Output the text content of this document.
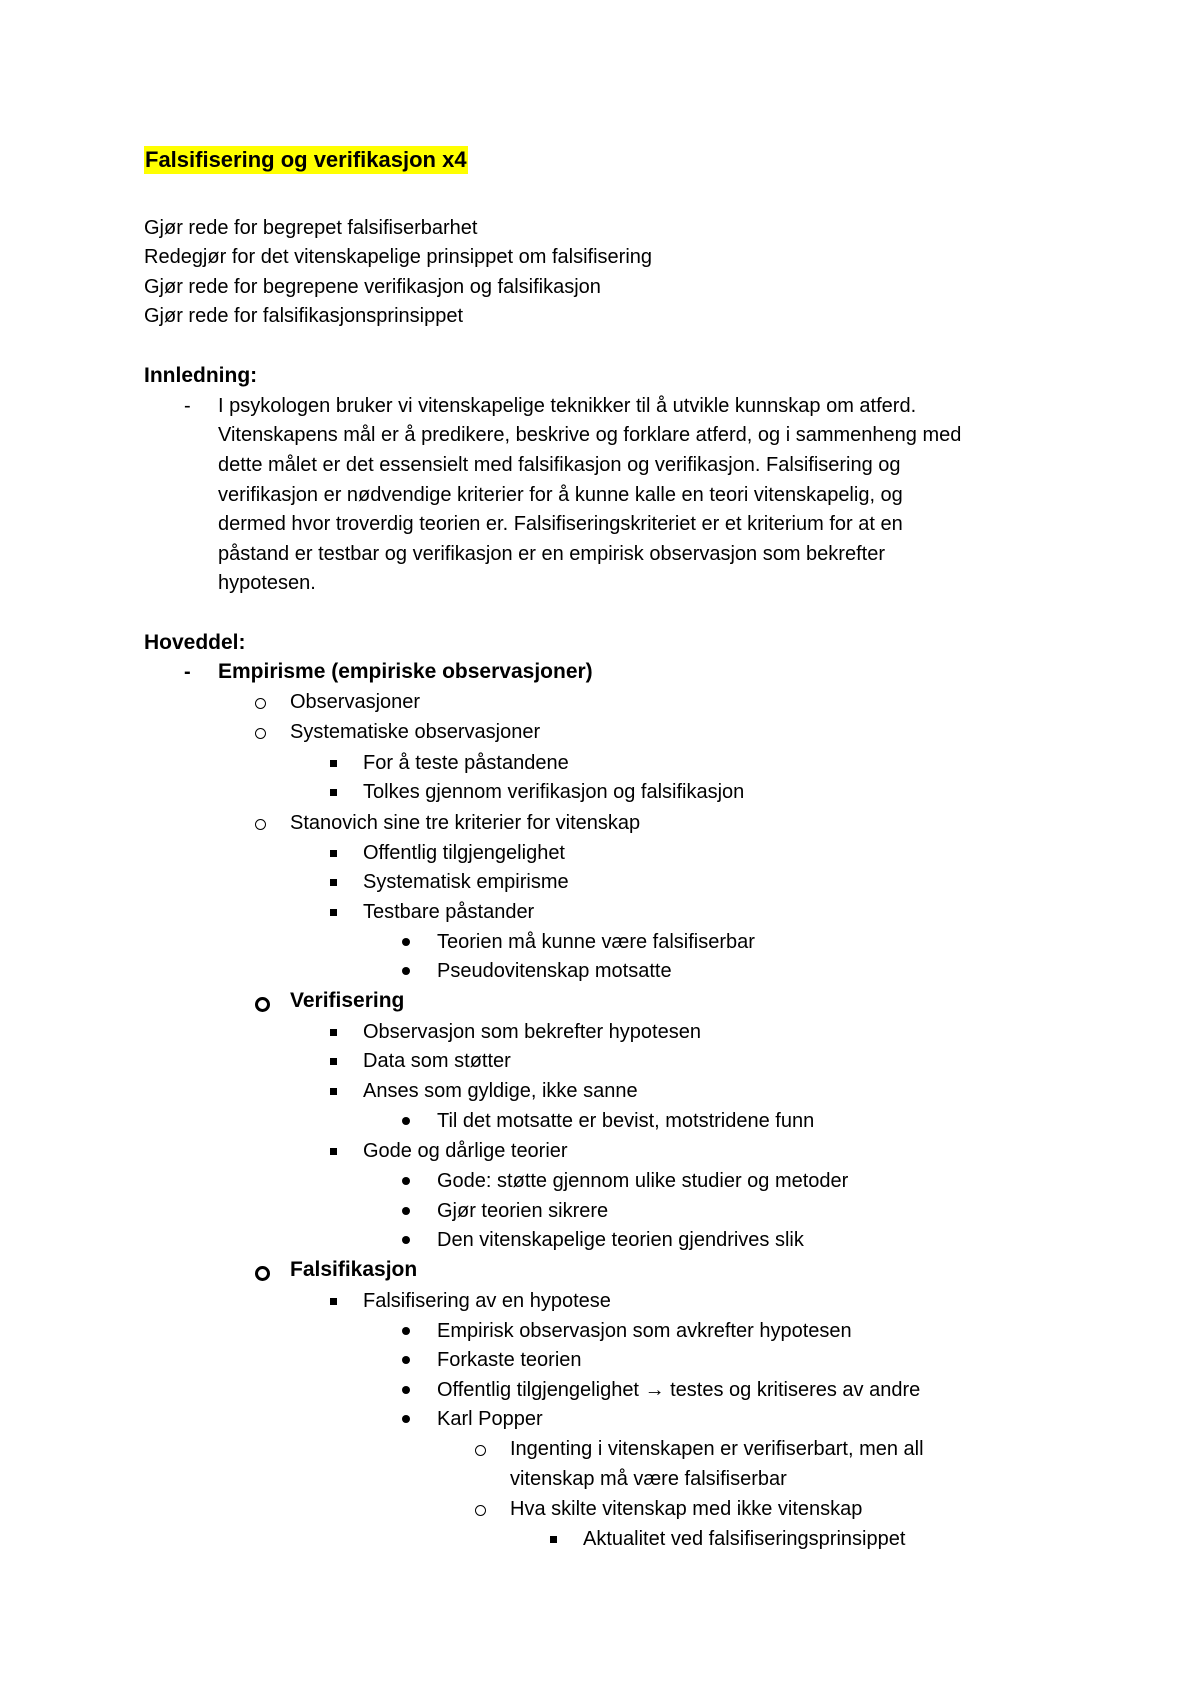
Falsifisering og verifikasjon x4
Gjør rede for begrepet falsifiserbarhet
Redegjør for det vitenskapelige prinsippet om falsifisering
Gjør rede for begrepene verifikasjon og falsifikasjon
Gjør rede for falsifikasjonsprinsippet
Innledning:
- I psykologen bruker vi vitenskapelige teknikker til å utvikle kunnskap om atferd.
Vitenskapens mål er å predikere, beskrive og forklare atferd, og i sammenheng med
dette målet er det essensielt med falsifikasjon og verifikasjon. Falsifisering og
verifikasjon er nødvendige kriterier for å kunne kalle en teori vitenskapelig, og
dermed hvor troverdig teorien er. Falsifiseringskriteriet er et kriterium for at en
påstand er testbar og verifikasjon er en empirisk observasjon som bekrefter
hypotesen.
Hoveddel:
- Empirisme (empiriske observasjoner)
Observasjoner
Systematiske observasjoner
For å teste påstandene
Tolkes gjennom verifikasjon og falsifikasjon
Stanovich sine tre kriterier for vitenskap
Offentlig tilgjengelighet
Systematisk empirisme
Testbare påstander
Teorien må kunne være falsifiserbar
Pseudovitenskap motsatte
Verifisering
Observasjon som bekrefter hypotesen
Data som støtter
Anses som gyldige, ikke sanne
Til det motsatte er bevist, motstridene funn
Gode og dårlige teorier
Gode: støtte gjennom ulike studier og metoder
Gjør teorien sikrere
Den vitenskapelige teorien gjendrives slik
Falsifikasjon
Falsifisering av en hypotese
Empirisk observasjon som avkrefter hypotesen
Forkaste teorien
Offentlig tilgjengelighet → testes og kritiseres av andre
Karl Popper
Ingenting i vitenskapen er verifiserbart, men all
vitenskap må være falsifiserbar
Hva skilte vitenskap med ikke vitenskap
Aktualitet ved falsifiseringsprinsippet
